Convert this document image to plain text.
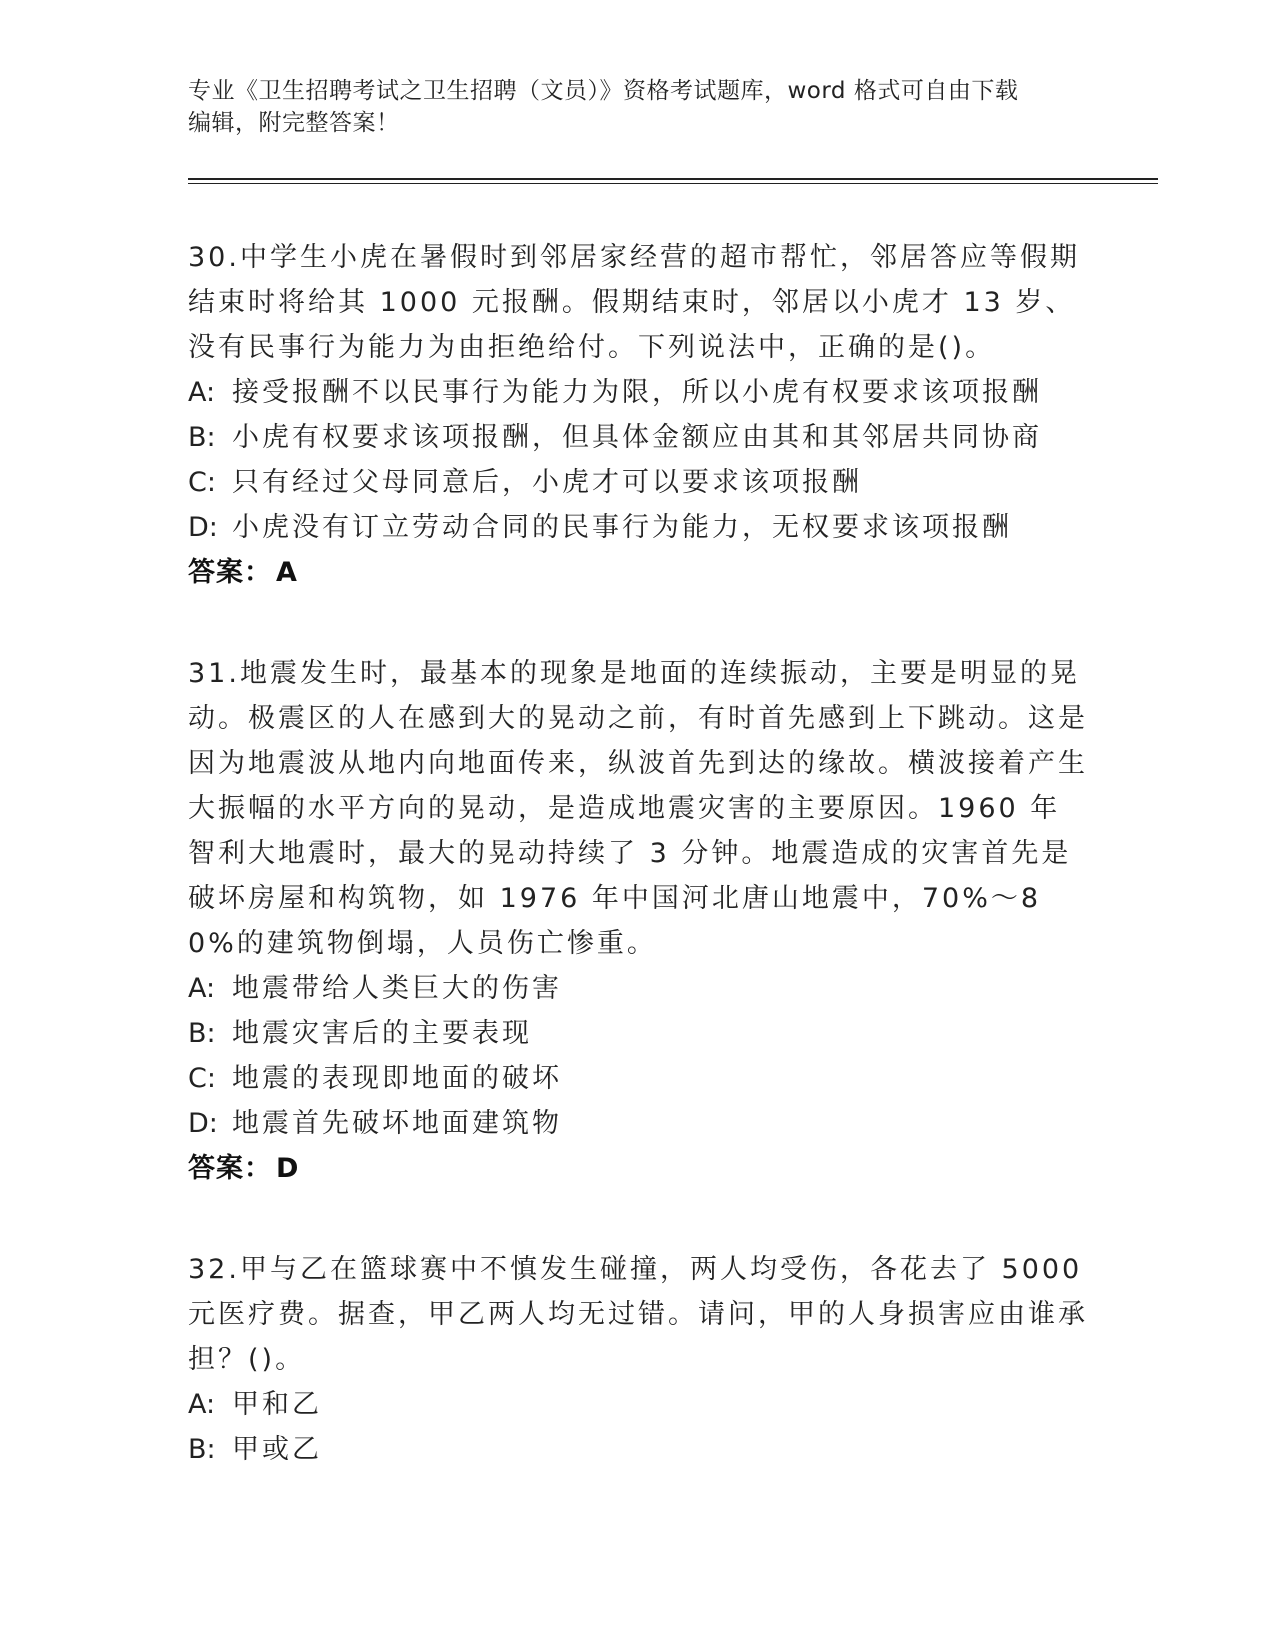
专业《卫生招聘考试之卫生招聘（文员）》资格考试题库，word 格式可自由下载
编辑，附完整答案！

30.中学生小虎在暑假时到邻居家经营的超市帮忙，邻居答应等假期结束时将给其 1000 元报酬。假期结束时，邻居以小虎才 13 岁、没有民事行为能力为由拒绝给付。下列说法中，正确的是()。

A: 接受报酬不以民事行为能力为限，所以小虎有权要求该项报酬
B: 小虎有权要求该项报酬，但具体金额应由其和其邻居共同协商
C: 只有经过父母同意后，小虎才可以要求该项报酬
D: 小虎没有订立劳动合同的民事行为能力，无权要求该项报酬
答案： A

31.地震发生时，最基本的现象是地面的连续振动，主要是明显的晃动。极震区的人在感到大的晃动之前，有时首先感到上下跳动。这是因为地震波从地内向地面传来，纵波首先到达的缘故。横波接着产生大振幅的水平方向的晃动，是造成地震灾害的主要原因。1960 年智利大地震时，最大的晃动持续了 3 分钟。地震造成的灾害首先是破坏房屋和构筑物，如 1976 年中国河北唐山地震中，70%～80%的建筑物倒塌，人员伤亡惨重。

A: 地震带给人类巨大的伤害
B: 地震灾害后的主要表现
C: 地震的表现即地面的破坏
D: 地震首先破坏地面建筑物
答案： D

32.甲与乙在篮球赛中不慎发生碰撞，两人均受伤，各花去了 5000 元医疗费。据查，甲乙两人均无过错。请问，甲的人身损害应由谁承担？()。

A: 甲和乙
B: 甲或乙
